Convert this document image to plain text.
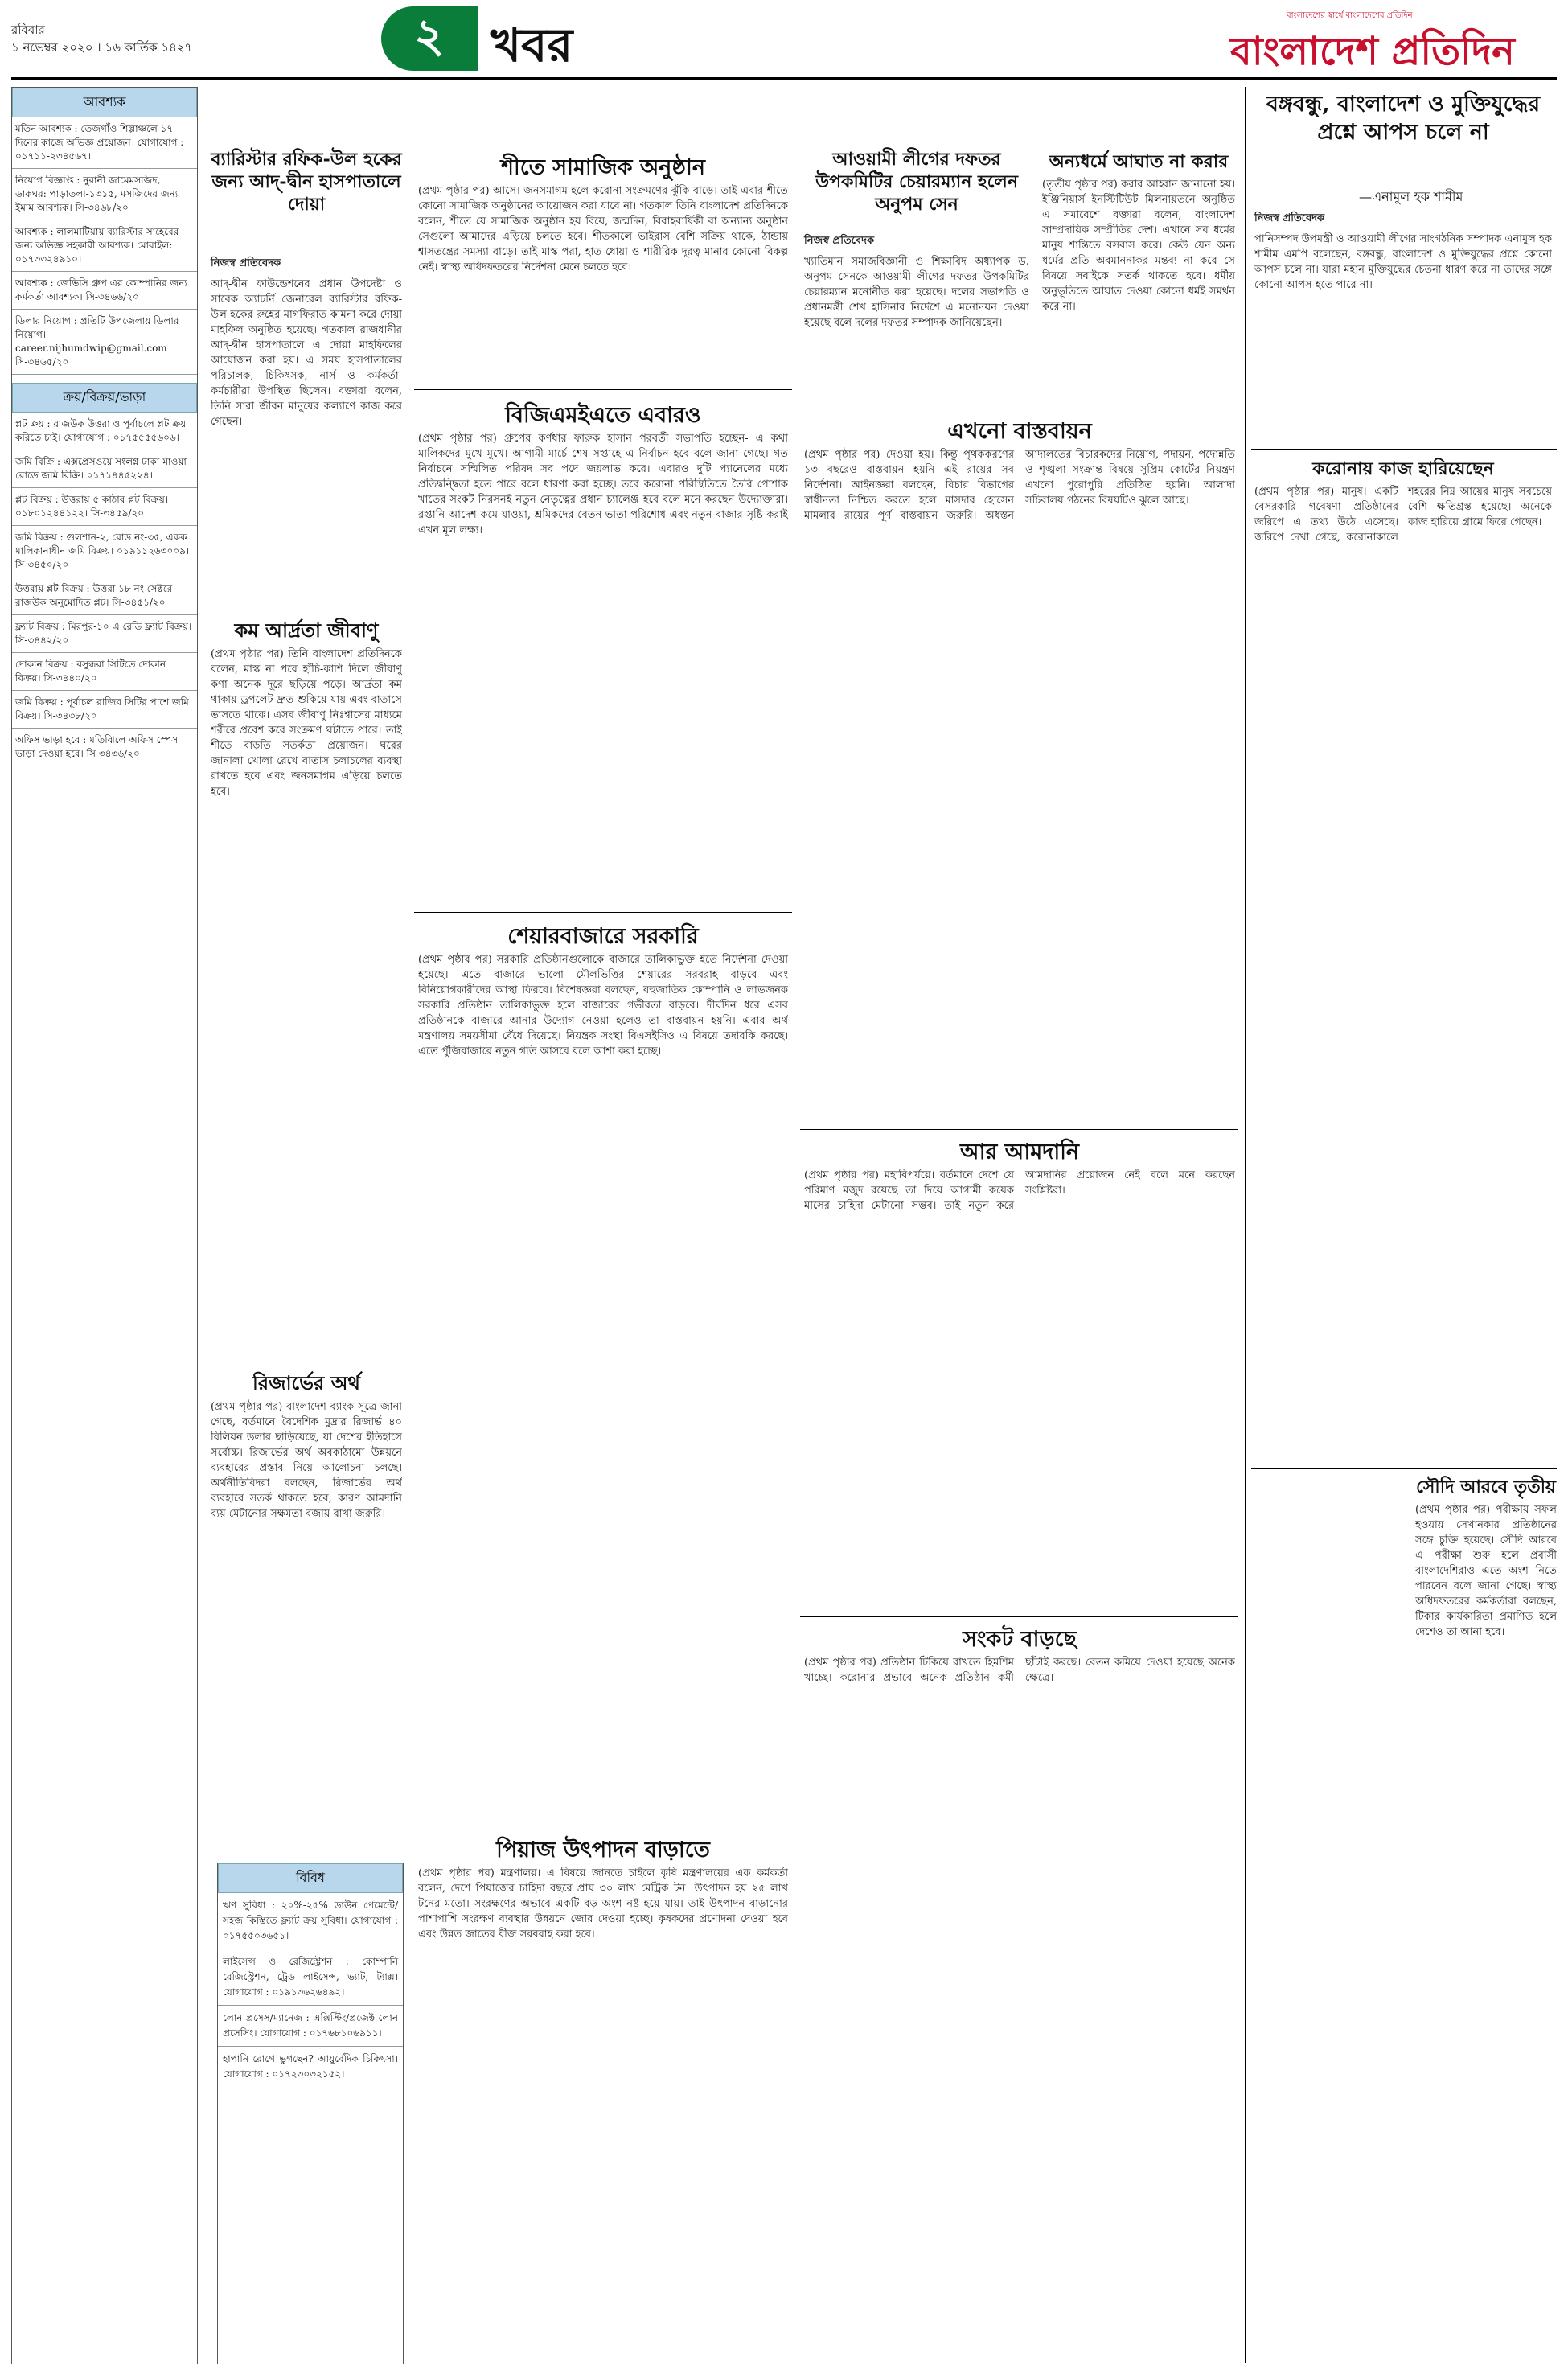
রবিবার
১ নভেম্বর ২০২০ । ১৬ কার্তিক ১৪২৭	২ খবর
বাংলাদেশের স্বার্থে বাংলাদেশের প্রতিদিন
বাংলাদেশ প্রতিদিন
আবশ্যক
মতিন আবশ্যক : তেজগাঁও শিল্পাঞ্চলে ১৭ দিনের কাজে অভিজ্ঞ প্রয়োজন। যোগাযোগ : ০১৭১১-২৩৪৫৬৭।
নিয়োগ বিজ্ঞপ্তি : নুরানী জামেমসজিদ, ডাকঘর: পাড়াতলা-১৩১৫, মসজিদের জন্য ইমাম আবশ্যক। সি-৩৪৬৮/২০
আবশ্যক : লালমাটিয়ায় ব্যারিস্টার সাহেবের জন্য অভিজ্ঞ সহকারী আবশ্যক। মোবাইল: ০১৭৩৩২৪৯১০।
আবশ্যক : জেভিসি গ্রুপ এর কোম্পানির জন্য কর্মকর্তা আবশ্যক। সি-৩৪৬৬/২০
ডিলার নিয়োগ : প্রতিটি উপজেলায় ডিলার নিয়োগ। career.nijhumdwip@gmail.com সি-৩৪৬৫/২০
ক্রয়/বিক্রয়/ভাড়া
প্লট ক্রয় : রাজউক উত্তরা ও পূর্বাচলে প্লট ক্রয় করিতে চাই। যোগাযোগ : ০১৭৫৫৫৫৬০৬।
জমি বিক্রি : এক্সপ্রেসওয়ে সংলগ্ন ঢাকা-মাওয়া রোডে জমি বিক্রি। ০১৭১৪৪৫২২৪।
প্লট বিক্রয় : উত্তরায় ৫ কাঠার প্লট বিক্রয়। ০১৮০১২৪৪১২২। সি-৩৪৫৯/২০
জমি বিক্রয় : গুলশান-২, রোড নং-৩৫, একক মালিকানাধীন জমি বিক্রয়। ০১৯১১২৬৩০০৯। সি-৩৪৫০/২০
উত্তরায় প্লট বিক্রয় : উত্তরা ১৮ নং সেক্টরে রাজউক অনুমোদিত প্লট। সি-৩৪৫১/২০
ফ্ল্যাট বিক্রয় : মিরপুর-১০ এ রেডি ফ্ল্যাট বিক্রয়। সি-৩৪৪২/২০
দোকান বিক্রয় : বসুন্ধরা সিটিতে দোকান বিক্রয়। সি-৩৪৪০/২০
জমি বিক্রয় : পূর্বাচল রাজিব সিটির পাশে জমি বিক্রয়। সি-৩৪৩৮/২০
অফিস ভাড়া হবে : মতিঝিলে অফিস স্পেস ভাড়া দেওয়া হবে। সি-৩৪৩৬/২০
ব্যারিস্টার রফিক-উল হকের জন্য আদ্-দ্বীন হাসপাতালে দোয়া
নিজস্ব প্রতিবেদক
আদ্-দ্বীন ফাউন্ডেশনের প্রধান উপদেষ্টা ও সাবেক অ্যাটর্নি জেনারেল ব্যারিস্টার রফিক-উল হকের রুহের মাগফিরাত কামনা করে দোয়া মাহফিল অনুষ্ঠিত হয়েছে। গতকাল রাজধানীর আদ্-দ্বীন হাসপাতালে এ দোয়া মাহফিলের আয়োজন করা হয়। এ সময় হাসপাতালের পরিচালক, চিকিৎসক, নার্স ও কর্মকর্তা-কর্মচারীরা উপস্থিত ছিলেন। বক্তারা বলেন, তিনি সারা জীবন মানুষের কল্যাণে কাজ করে গেছেন।
শীতে সামাজিক অনুষ্ঠান
(প্রথম পৃষ্ঠার পর) আসে। জনসমাগম হলে করোনা সংক্রমণের ঝুঁকি বাড়ে। তাই এবার শীতে কোনো সামাজিক অনুষ্ঠানের আয়োজন করা যাবে না। গতকাল তিনি বাংলাদেশ প্রতিদিনকে বলেন, শীতে যে সামাজিক অনুষ্ঠান হয় বিয়ে, জন্মদিন, বিবাহবার্ষিকী বা অন্যান্য অনুষ্ঠান সেগুলো আমাদের এড়িয়ে চলতে হবে। শীতকালে ভাইরাস বেশি সক্রিয় থাকে, ঠান্ডায় শ্বাসতন্ত্রের সমস্যা বাড়ে। তাই মাস্ক পরা, হাত ধোয়া ও শারীরিক দূরত্ব মানার কোনো বিকল্প নেই। স্বাস্থ্য অধিদফতরের নির্দেশনা মেনে চলতে হবে।
বিজিএমইএতে এবারও
(প্রথম পৃষ্ঠার পর) গ্রুপের কর্ণধার ফারুক হাসান পরবর্তী সভাপতি হচ্ছেন- এ কথা মালিকদের মুখে মুখে। আগামী মার্চে শেষ সপ্তাহে এ নির্বাচন হবে বলে জানা গেছে। গত নির্বাচনে সম্মিলিত পরিষদ সব পদে জয়লাভ করে। এবারও দুটি প্যানেলের মধ্যে প্রতিদ্বন্দ্বিতা হতে পারে বলে ধারণা করা হচ্ছে। তবে করোনা পরিস্থিতিতে তৈরি পোশাক খাতের সংকট নিরসনই নতুন নেতৃত্বের প্রধান চ্যালেঞ্জ হবে বলে মনে করছেন উদ্যোক্তারা। রপ্তানি আদেশ কমে যাওয়া, শ্রমিকদের বেতন-ভাতা পরিশোধ এবং নতুন বাজার সৃষ্টি করাই এখন মূল লক্ষ্য।
কম আর্দ্রতা জীবাণু
(প্রথম পৃষ্ঠার পর) তিনি বাংলাদেশ প্রতিদিনকে বলেন, মাস্ক না পরে হাঁচি-কাশি দিলে জীবাণু কণা অনেক দূরে ছড়িয়ে পড়ে। আর্দ্রতা কম থাকায় ড্রপলেট দ্রুত শুকিয়ে যায় এবং বাতাসে ভাসতে থাকে। এসব জীবাণু নিঃশ্বাসের মাধ্যমে শরীরে প্রবেশ করে সংক্রমণ ঘটাতে পারে। তাই শীতে বাড়তি সতর্কতা প্রয়োজন। ঘরের জানালা খোলা রেখে বাতাস চলাচলের ব্যবস্থা রাখতে হবে এবং জনসমাগম এড়িয়ে চলতে হবে।
শেয়ারবাজারে সরকারি
(প্রথম পৃষ্ঠার পর) সরকারি প্রতিষ্ঠানগুলোকে বাজারে তালিকাভুক্ত হতে নির্দেশনা দেওয়া হয়েছে। এতে বাজারে ভালো মৌলভিত্তির শেয়ারের সরবরাহ বাড়বে এবং বিনিয়োগকারীদের আস্থা ফিরবে। বিশেষজ্ঞরা বলছেন, বহুজাতিক কোম্পানি ও লাভজনক সরকারি প্রতিষ্ঠান তালিকাভুক্ত হলে বাজারের গভীরতা বাড়বে। দীর্ঘদিন ধরে এসব প্রতিষ্ঠানকে বাজারে আনার উদ্যোগ নেওয়া হলেও তা বাস্তবায়ন হয়নি। এবার অর্থ মন্ত্রণালয় সময়সীমা বেঁধে দিয়েছে। নিয়ন্ত্রক সংস্থা বিএসইসিও এ বিষয়ে তদারকি করছে। এতে পুঁজিবাজারে নতুন গতি আসবে বলে আশা করা হচ্ছে।
রিজার্ভের অর্থ
(প্রথম পৃষ্ঠার পর) বাংলাদেশ ব্যাংক সূত্রে জানা গেছে, বর্তমানে বৈদেশিক মুদ্রার রিজার্ভ ৪০ বিলিয়ন ডলার ছাড়িয়েছে, যা দেশের ইতিহাসে সর্বোচ্চ। রিজার্ভের অর্থ অবকাঠামো উন্নয়নে ব্যবহারের প্রস্তাব নিয়ে আলোচনা চলছে। অর্থনীতিবিদরা বলছেন, রিজার্ভের অর্থ ব্যবহারে সতর্ক থাকতে হবে, কারণ আমদানি ব্যয় মেটানোর সক্ষমতা বজায় রাখা জরুরি।
বিবিধ
ঋণ সুবিধা : ২০%-২৫% ডাউন পেমেন্টে/ সহজ কিস্তিতে ফ্ল্যাট ক্রয় সুবিধা। যোগাযোগ : ০১৭৫৫০৩৬৫১।
লাইসেন্স ও রেজিস্ট্রেশন : কোম্পানি রেজিস্ট্রেশন, ট্রেড লাইসেন্স, ভ্যাট, ট্যাক্স। যোগাযোগ : ০১৯১৩৬২৬৪৯২।
লোন প্রসেস/ম্যানেজ : এক্সিস্টিং/প্রজেক্ট লোন প্রসেসিং। যোগাযোগ : ০১৭৬৮১০৬৯১১।
হাপানি রোগে ভুগছেন? আয়ুর্বেদিক চিকিৎসা। যোগাযোগ : ০১৭২৩০৩২১৫২।
পিয়াজ উৎপাদন বাড়াতে
(প্রথম পৃষ্ঠার পর) মন্ত্রণালয়। এ বিষয়ে জানতে চাইলে কৃষি মন্ত্রণালয়ের এক কর্মকর্তা বলেন, দেশে পিয়াজের চাহিদা বছরে প্রায় ৩০ লাখ মেট্রিক টন। উৎপাদন হয় ২৫ লাখ টনের মতো। সংরক্ষণের অভাবে একটি বড় অংশ নষ্ট হয়ে যায়। তাই উৎপাদন বাড়ানোর পাশাপাশি সংরক্ষণ ব্যবস্থার উন্নয়নে জোর দেওয়া হচ্ছে। কৃষকদের প্রণোদনা দেওয়া হবে এবং উন্নত জাতের বীজ সরবরাহ করা হবে।
আওয়ামী লীগের দফতর উপকমিটির চেয়ারম্যান হলেন অনুপম সেন
নিজস্ব প্রতিবেদক
খ্যাতিমান সমাজবিজ্ঞানী ও শিক্ষাবিদ অধ্যাপক ড. অনুপম সেনকে আওয়ামী লীগের দফতর উপকমিটির চেয়ারম্যান মনোনীত করা হয়েছে। দলের সভাপতি ও প্রধানমন্ত্রী শেখ হাসিনার নির্দেশে এ মনোনয়ন দেওয়া হয়েছে বলে দলের দফতর সম্পাদক জানিয়েছেন।
অন্যধর্মে আঘাত না করার
(তৃতীয় পৃষ্ঠার পর) করার আহ্বান জানানো হয়। ইঞ্জিনিয়ার্স ইনস্টিটিউট মিলনায়তনে অনুষ্ঠিত এ সমাবেশে বক্তারা বলেন, বাংলাদেশ সাম্প্রদায়িক সম্প্রীতির দেশ। এখানে সব ধর্মের মানুষ শান্তিতে বসবাস করে। কেউ যেন অন্য ধর্মের প্রতি অবমাননাকর মন্তব্য না করে সে বিষয়ে সবাইকে সতর্ক থাকতে হবে। ধর্মীয় অনুভূতিতে আঘাত দেওয়া কোনো ধর্মই সমর্থন করে না।
এখনো বাস্তবায়ন
(প্রথম পৃষ্ঠার পর) দেওয়া হয়। কিন্তু পৃথককরণের ১৩ বছরেও বাস্তবায়ন হয়নি এই রায়ের সব নির্দেশনা। আইনজ্ঞরা বলছেন, বিচার বিভাগের স্বাধীনতা নিশ্চিত করতে হলে মাসদার হোসেন মামলার রায়ের পূর্ণ বাস্তবায়ন জরুরি। অধস্তন আদালতের বিচারকদের নিয়োগ, পদায়ন, পদোন্নতি ও শৃঙ্খলা সংক্রান্ত বিষয়ে সুপ্রিম কোর্টের নিয়ন্ত্রণ এখনো পুরোপুরি প্রতিষ্ঠিত হয়নি। আলাদা সচিবালয় গঠনের বিষয়টিও ঝুলে আছে।
আর আমদানি
(প্রথম পৃষ্ঠার পর) মহাবিপর্যয়ে। বর্তমানে দেশে যে পরিমাণ মজুদ রয়েছে তা দিয়ে আগামী কয়েক মাসের চাহিদা মেটানো সম্ভব। তাই নতুন করে আমদানির প্রয়োজন নেই বলে মনে করছেন সংশ্লিষ্টরা।
সংকট বাড়ছে
(প্রথম পৃষ্ঠার পর) প্রতিষ্ঠান টিকিয়ে রাখতে হিমশিম খাচ্ছে। করোনার প্রভাবে অনেক প্রতিষ্ঠান কর্মী ছাঁটাই করছে। বেতন কমিয়ে দেওয়া হয়েছে অনেক ক্ষেত্রে।
বঙ্গবন্ধু, বাংলাদেশ ও মুক্তিযুদ্ধের প্রশ্নে আপস চলে না
—এনামুল হক শামীম
নিজস্ব প্রতিবেদক
পানিসম্পদ উপমন্ত্রী ও আওয়ামী লীগের সাংগঠনিক সম্পাদক এনামুল হক শামীম এমপি বলেছেন, বঙ্গবন্ধু, বাংলাদেশ ও মুক্তিযুদ্ধের প্রশ্নে কোনো আপস চলে না। যারা মহান মুক্তিযুদ্ধের চেতনা ধারণ করে না তাদের সঙ্গে কোনো আপস হতে পারে না।
করোনায় কাজ হারিয়েছেন
(প্রথম পৃষ্ঠার পর) মানুষ। একটি বেসরকারি গবেষণা প্রতিষ্ঠানের জরিপে এ তথ্য উঠে এসেছে। জরিপে দেখা গেছে, করোনাকালে শহরের নিম্ন আয়ের মানুষ সবচেয়ে বেশি ক্ষতিগ্রস্ত হয়েছে। অনেকে কাজ হারিয়ে গ্রামে ফিরে গেছেন।
সৌদি আরবে তৃতীয়
(প্রথম পৃষ্ঠার পর) পরীক্ষায় সফল হওয়ায় সেখানকার প্রতিষ্ঠানের সঙ্গে চুক্তি হয়েছে। সৌদি আরবে এ পরীক্ষা শুরু হলে প্রবাসী বাংলাদেশিরাও এতে অংশ নিতে পারবেন বলে জানা গেছে। স্বাস্থ্য অধিদফতরের কর্মকর্তারা বলছেন, টিকার কার্যকারিতা প্রমাণিত হলে দেশেও তা আনা হবে।
